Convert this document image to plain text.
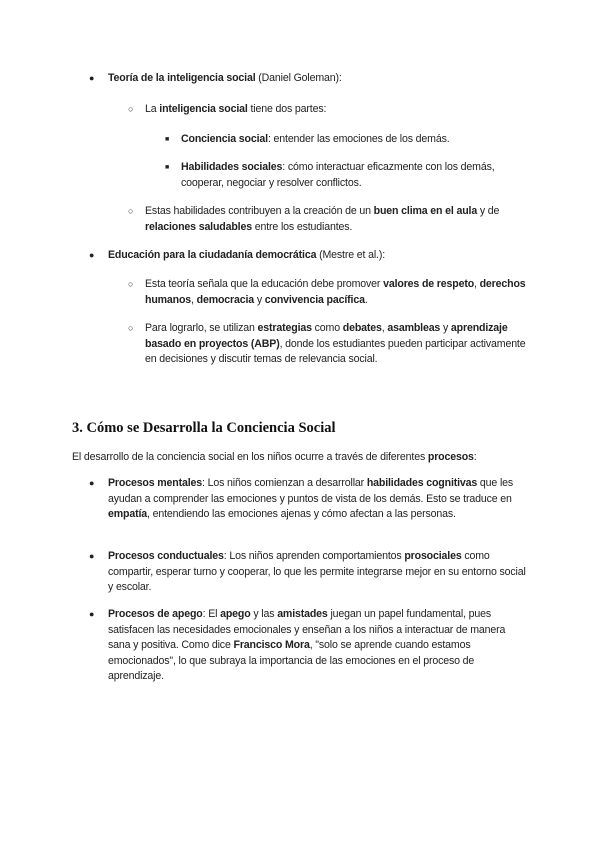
● Teoría de la inteligencia social (Daniel Goleman):

○ La inteligencia social tiene dos partes:

■ Conciencia social: entender las emociones de los demás.

■ Habilidades sociales: cómo interactuar eficazmente con los demás, cooperar, negociar y resolver conflictos.

○ Estas habilidades contribuyen a la creación de un buen clima en el aula y de relaciones saludables entre los estudiantes.

● Educación para la ciudadanía democrática (Mestre et al.):

○ Esta teoría señala que la educación debe promover valores de respeto, derechos humanos, democracia y convivencia pacífica.

○ Para lograrlo, se utilizan estrategias como debates, asambleas y aprendizaje basado en proyectos (ABP), donde los estudiantes pueden participar activamente en decisiones y discutir temas de relevancia social.

3. Cómo se Desarrolla la Conciencia Social

El desarrollo de la conciencia social en los niños ocurre a través de diferentes procesos:

● Procesos mentales: Los niños comienzan a desarrollar habilidades cognitivas que les ayudan a comprender las emociones y puntos de vista de los demás. Esto se traduce en empatía, entendiendo las emociones ajenas y cómo afectan a las personas.

● Procesos conductuales: Los niños aprenden comportamientos prosociales como compartir, esperar turno y cooperar, lo que les permite integrarse mejor en su entorno social y escolar.

● Procesos de apego: El apego y las amistades juegan un papel fundamental, pues satisfacen las necesidades emocionales y enseñan a los niños a interactuar de manera sana y positiva. Como dice Francisco Mora, "solo se aprende cuando estamos emocionados", lo que subraya la importancia de las emociones en el proceso de aprendizaje.
